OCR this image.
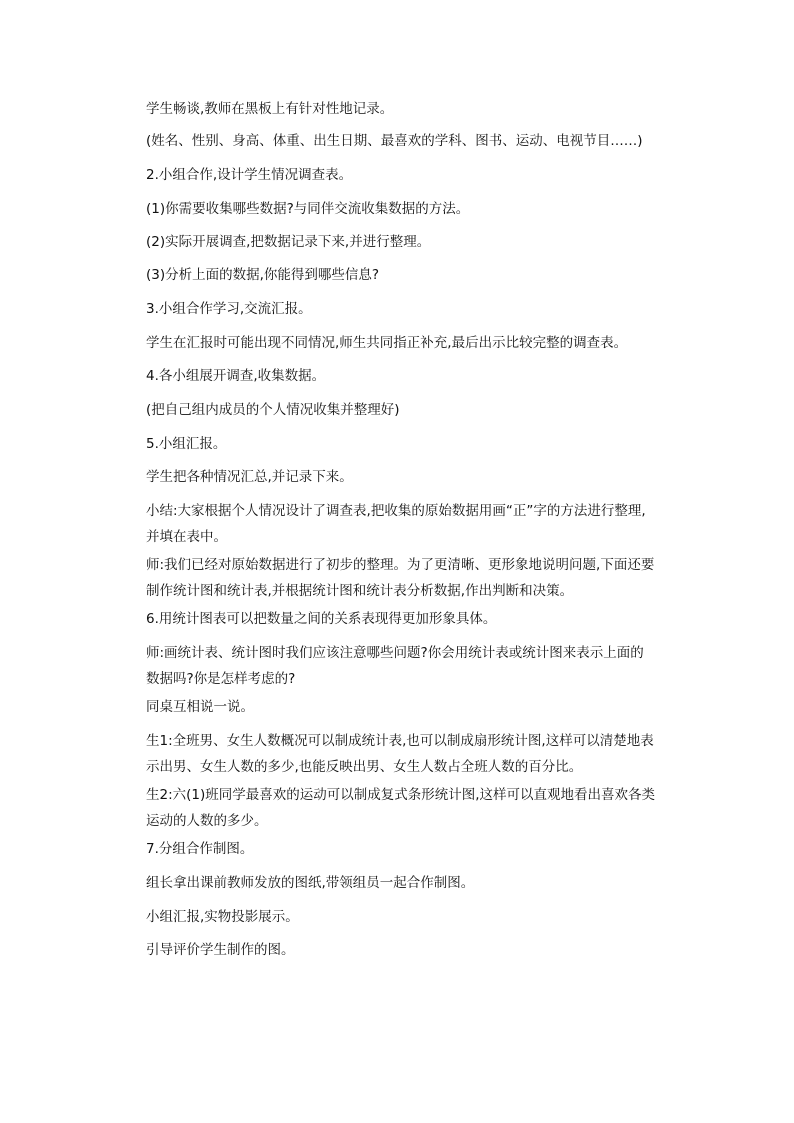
学生畅谈,教师在黑板上有针对性地记录。

(姓名、性别、身高、体重、出生日期、最喜欢的学科、图书、运动、电视节目……)

2.小组合作,设计学生情况调查表。

(1)你需要收集哪些数据?与同伴交流收集数据的方法。

(2)实际开展调查,把数据记录下来,并进行整理。

(3)分析上面的数据,你能得到哪些信息?

3.小组合作学习,交流汇报。

学生在汇报时可能出现不同情况,师生共同指正补充,最后出示比较完整的调查表。

4.各小组展开调查,收集数据。

(把自己组内成员的个人情况收集并整理好)

5.小组汇报。

学生把各种情况汇总,并记录下来。

小结:大家根据个人情况设计了调查表,把收集的原始数据用画“正”字的方法进行整理,并填在表中。

师:我们已经对原始数据进行了初步的整理。为了更清晰、更形象地说明问题,下面还要制作统计图和统计表,并根据统计图和统计表分析数据,作出判断和决策。

6.用统计图表可以把数量之间的关系表现得更加形象具体。

师:画统计表、统计图时我们应该注意哪些问题?你会用统计表或统计图来表示上面的数据吗?你是怎样考虑的?

同桌互相说一说。

生1:全班男、女生人数概况可以制成统计表,也可以制成扇形统计图,这样可以清楚地表示出男、女生人数的多少,也能反映出男、女生人数占全班人数的百分比。

生2:六(1)班同学最喜欢的运动可以制成复式条形统计图,这样可以直观地看出喜欢各类运动的人数的多少。

7.分组合作制图。

组长拿出课前教师发放的图纸,带领组员一起合作制图。

小组汇报,实物投影展示。

引导评价学生制作的图。
